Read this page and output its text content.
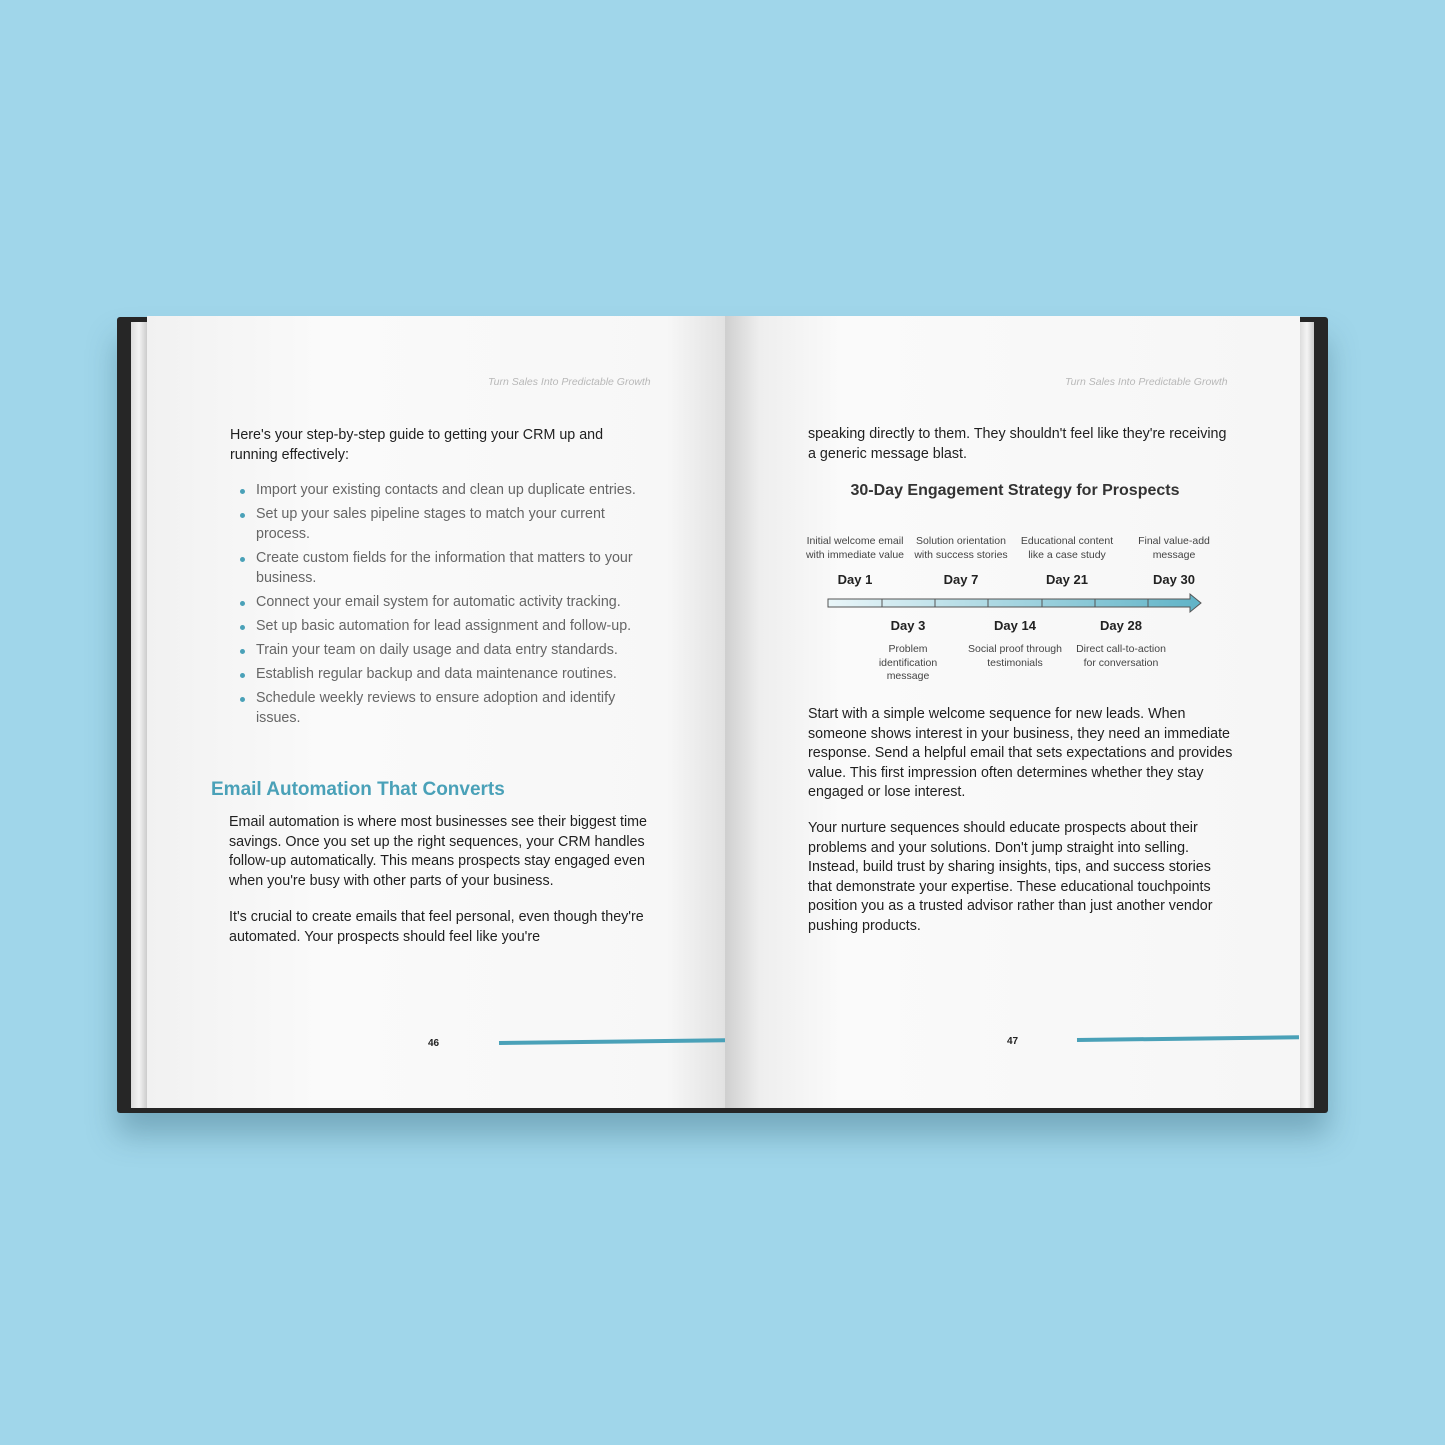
Turn Sales Into Predictable Growth

Here's your step-by-step guide to getting your CRM up and running effectively:

Import your existing contacts and clean up duplicate entries.
Set up your sales pipeline stages to match your current process.
Create custom fields for the information that matters to your business.
Connect your email system for automatic activity tracking.
Set up basic automation for lead assignment and follow-up.
Train your team on daily usage and data entry standards.
Establish regular backup and data maintenance routines.
Schedule weekly reviews to ensure adoption and identify issues.
Email Automation That Converts

Email automation is where most businesses see their biggest time savings. Once you set up the right sequences, your CRM handles follow-up automatically. This means prospects stay engaged even when you're busy with other parts of your business.

It's crucial to create emails that feel personal, even though they're automated. Your prospects should feel like you're

46
Turn Sales Into Predictable Growth
speaking directly to them. They shouldn't feel like they're receiving a generic message blast.
30-Day Engagement Strategy for Prospects
Day 1
Initial welcome email with immediate value
Day 7
Solution orientation with success stories
Day 21
Educational content like a case study
Day 30
Final value-add message
Day 3
Problem identification message
Day 14
Social proof through testimonials
Day 28
Direct call-to-action for conversation

Start with a simple welcome sequence for new leads. When someone shows interest in your business, they need an immediate response. Send a helpful email that sets expectations and provides value. This first impression often determines whether they stay engaged or lose interest.

Your nurture sequences should educate prospects about their problems and your solutions. Don't jump straight into selling. Instead, build trust by sharing insights, tips, and success stories that demonstrate your expertise. These educational touchpoints position you as a trusted advisor rather than just another vendor pushing products.

47
